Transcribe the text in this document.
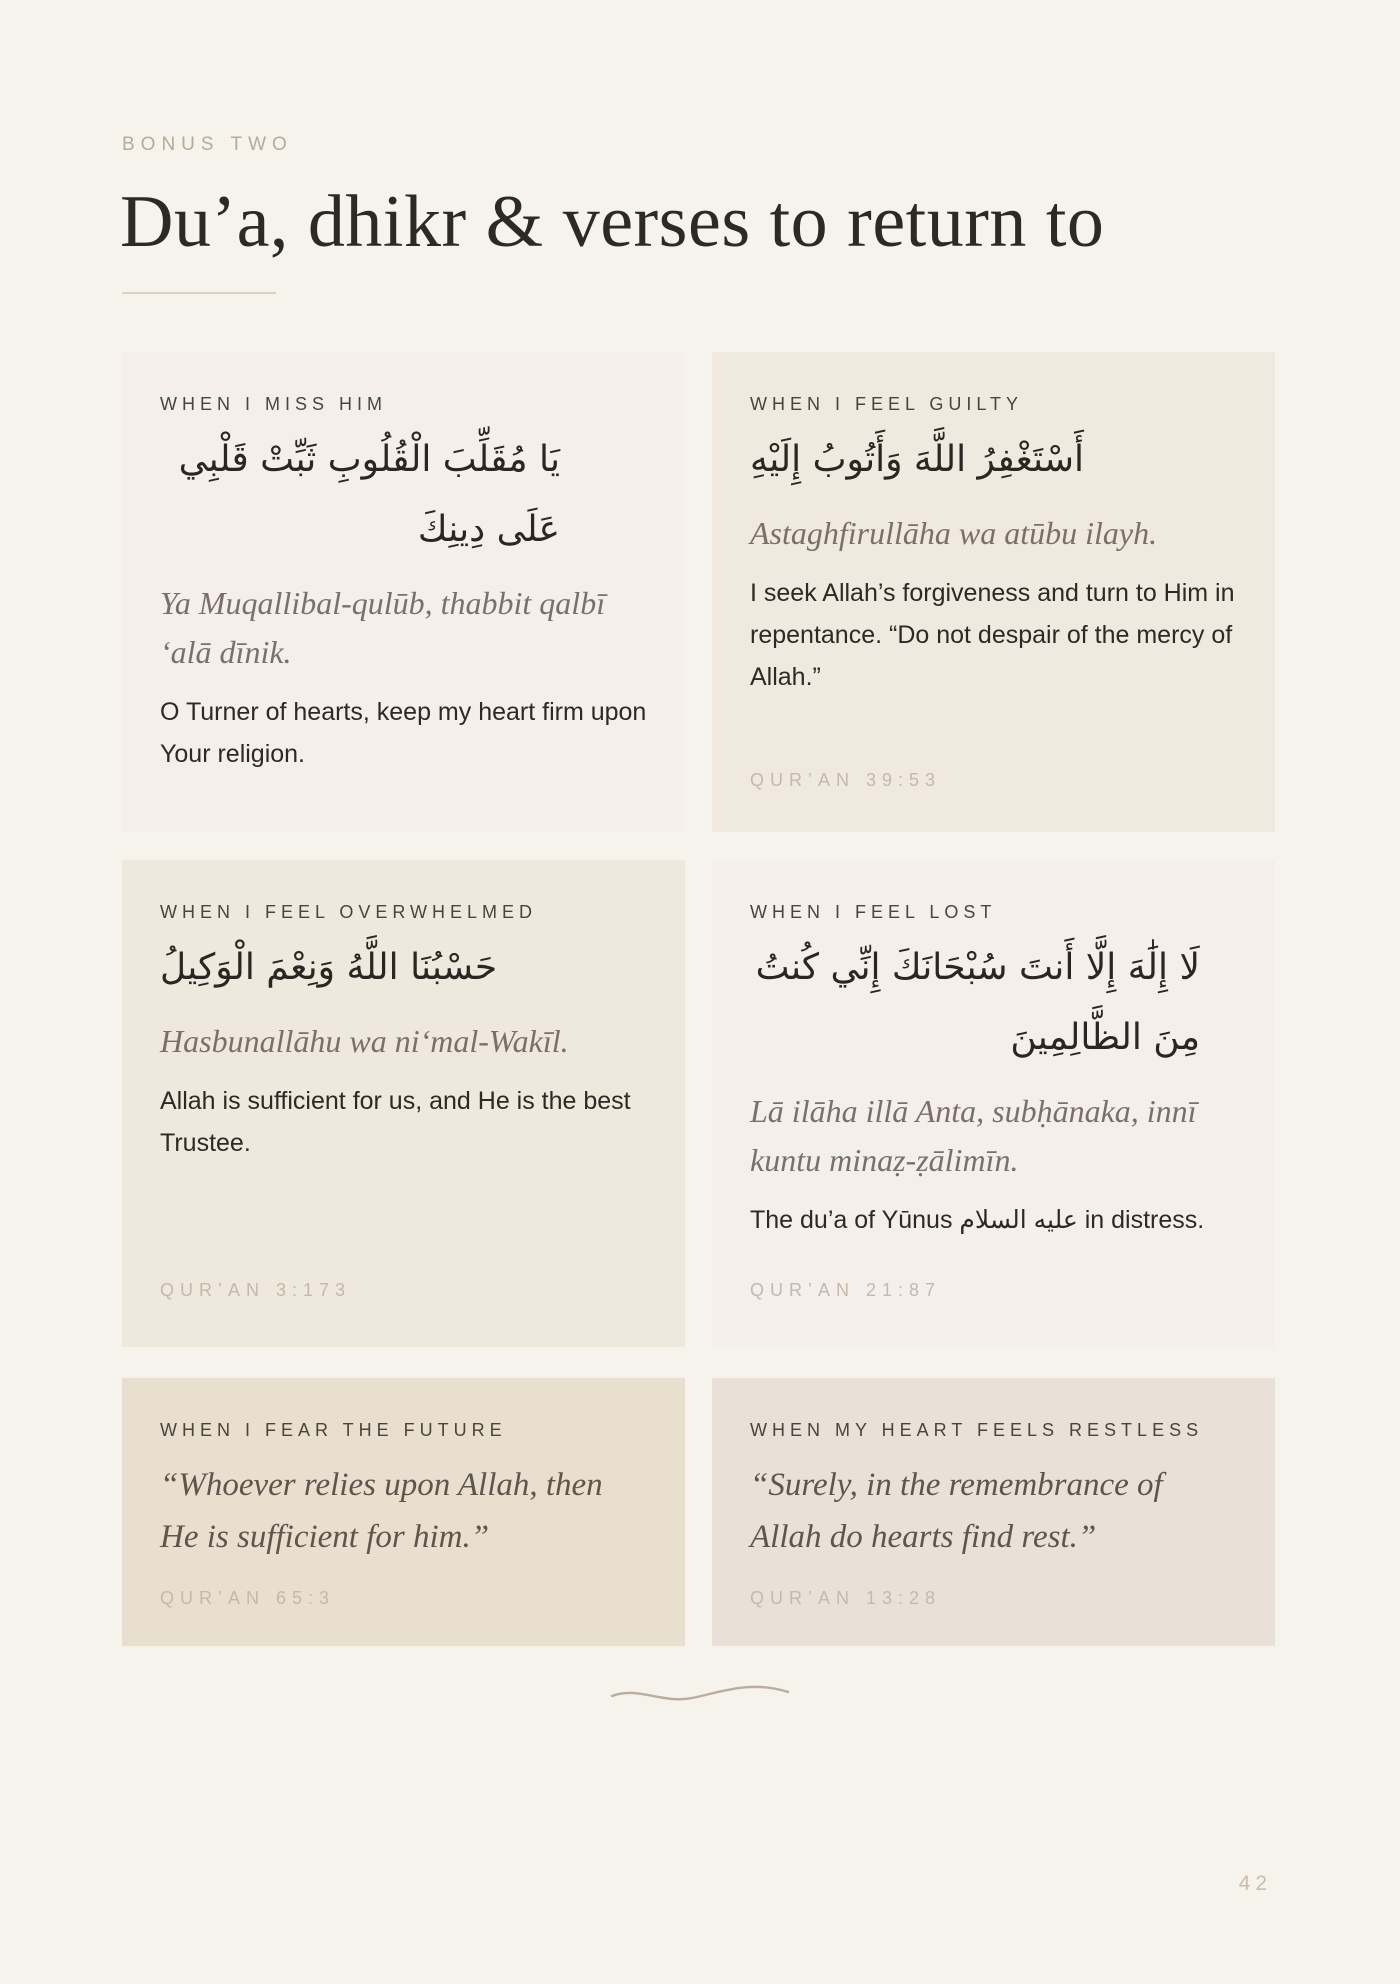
BONUS TWO
Du’a, dhikr & verses to return to
WHEN I MISS HIM
يَا مُقَلِّبَ الْقُلُوبِ ثَبِّتْ قَلْبِي عَلَى دِينِكَ
Ya Muqallibal-qulūb, thabbit qalbī ‘alā dīnik.
O Turner of hearts, keep my heart firm upon Your religion.
WHEN I FEEL GUILTY
أَسْتَغْفِرُ اللَّهَ وَأَتُوبُ إِلَيْهِ
Astaghfirullāha wa atūbu ilayh.
I seek Allah’s forgiveness and turn to Him in repentance. “Do not despair of the mercy of Allah.”
QUR’AN 39:53
WHEN I FEEL OVERWHELMED
حَسْبُنَا اللَّهُ وَنِعْمَ الْوَكِيلُ
Hasbunallāhu wa ni‘mal-Wakīl.
Allah is sufficient for us, and He is the best Trustee.
QUR’AN 3:173
WHEN I FEEL LOST
لَا إِلَٰهَ إِلَّا أَنتَ سُبْحَانَكَ إِنِّي كُنتُ مِنَ الظَّالِمِينَ
Lā ilāha illā Anta, subḥānaka, innī kuntu minaẓ-ẓālimīn.
The du’a of Yūnus عليه السلام in distress.
QUR’AN 21:87
WHEN I FEAR THE FUTURE
“Whoever relies upon Allah, then He is sufficient for him.”
QUR’AN 65:3
WHEN MY HEART FEELS RESTLESS
“Surely, in the remembrance of Allah do hearts find rest.”
QUR’AN 13:28
42
